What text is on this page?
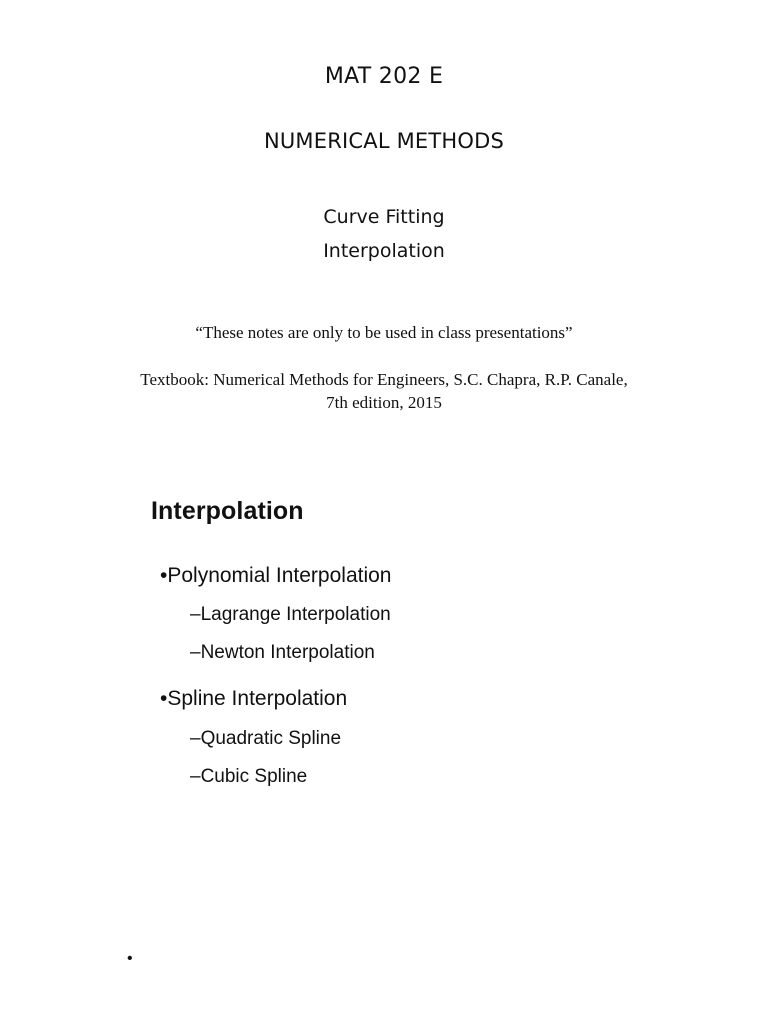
MAT 202 E
NUMERICAL METHODS
Curve Fitting
Interpolation
“These notes are only to be used in class presentations”
Textbook: Numerical Methods for Engineers, S.C. Chapra, R.P. Canale,
7th edition, 2015
Interpolation
•Polynomial Interpolation
–Lagrange Interpolation
–Newton Interpolation
•Spline Interpolation
–Quadratic Spline
–Cubic Spline
•
